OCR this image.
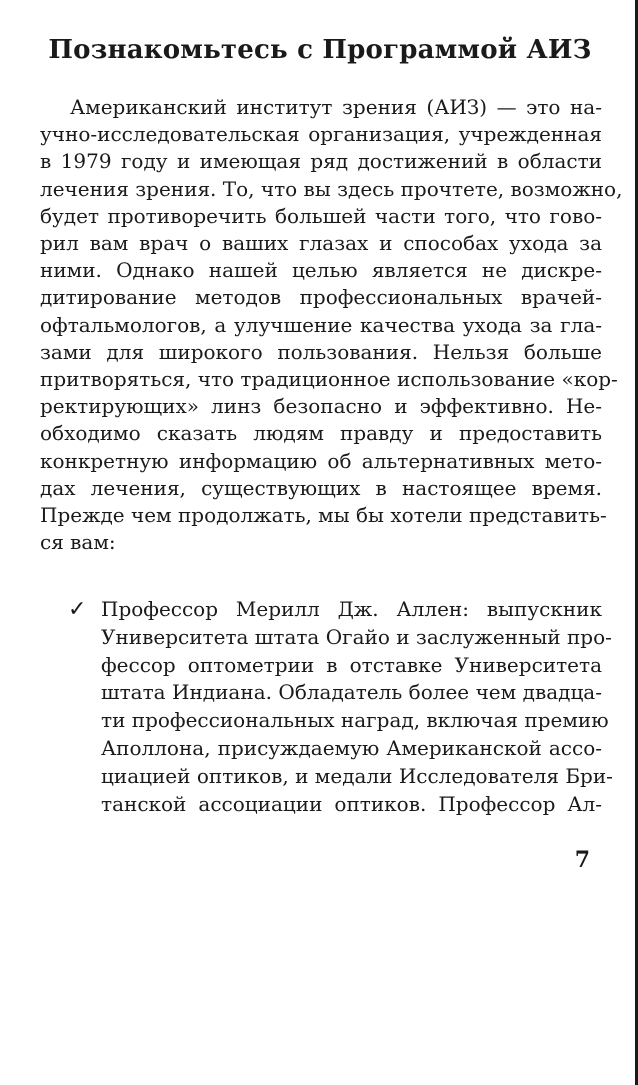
Познакомьтесь с Программой АИЗ
Американский институт зрения (АИЗ) — это на-
учно-исследовательская организация, учрежденная
в 1979 году и имеющая ряд достижений в области
лечения зрения. То, что вы здесь прочтете, возможно,
будет противоречить большей части того, что гово-
рил вам врач о ваших глазах и способах ухода за
ними. Однако нашей целью является не дискре-
дитирование методов профессиональных врачей-
офтальмологов, а улучшение качества ухода за гла-
зами для широкого пользования. Нельзя больше
притворяться, что традиционное использование «кор-
ректирующих» линз безопасно и эффективно. Не-
обходимо сказать людям правду и предоставить
конкретную информацию об альтернативных мето-
дах лечения, существующих в настоящее время.
Прежде чем продолжать, мы бы хотели представить-
ся вам:
✓ Профессор Мерилл Дж. Аллен: выпускник
Университета штата Огайо и заслуженный про-
фессор оптометрии в отставке Университета
штата Индиана. Обладатель более чем двадца-
ти профессиональных наград, включая премию
Аполлона, присуждаемую Американской ассо-
циацией оптиков, и медали Исследователя Бри-
танской ассоциации оптиков. Профессор Ал-
7
